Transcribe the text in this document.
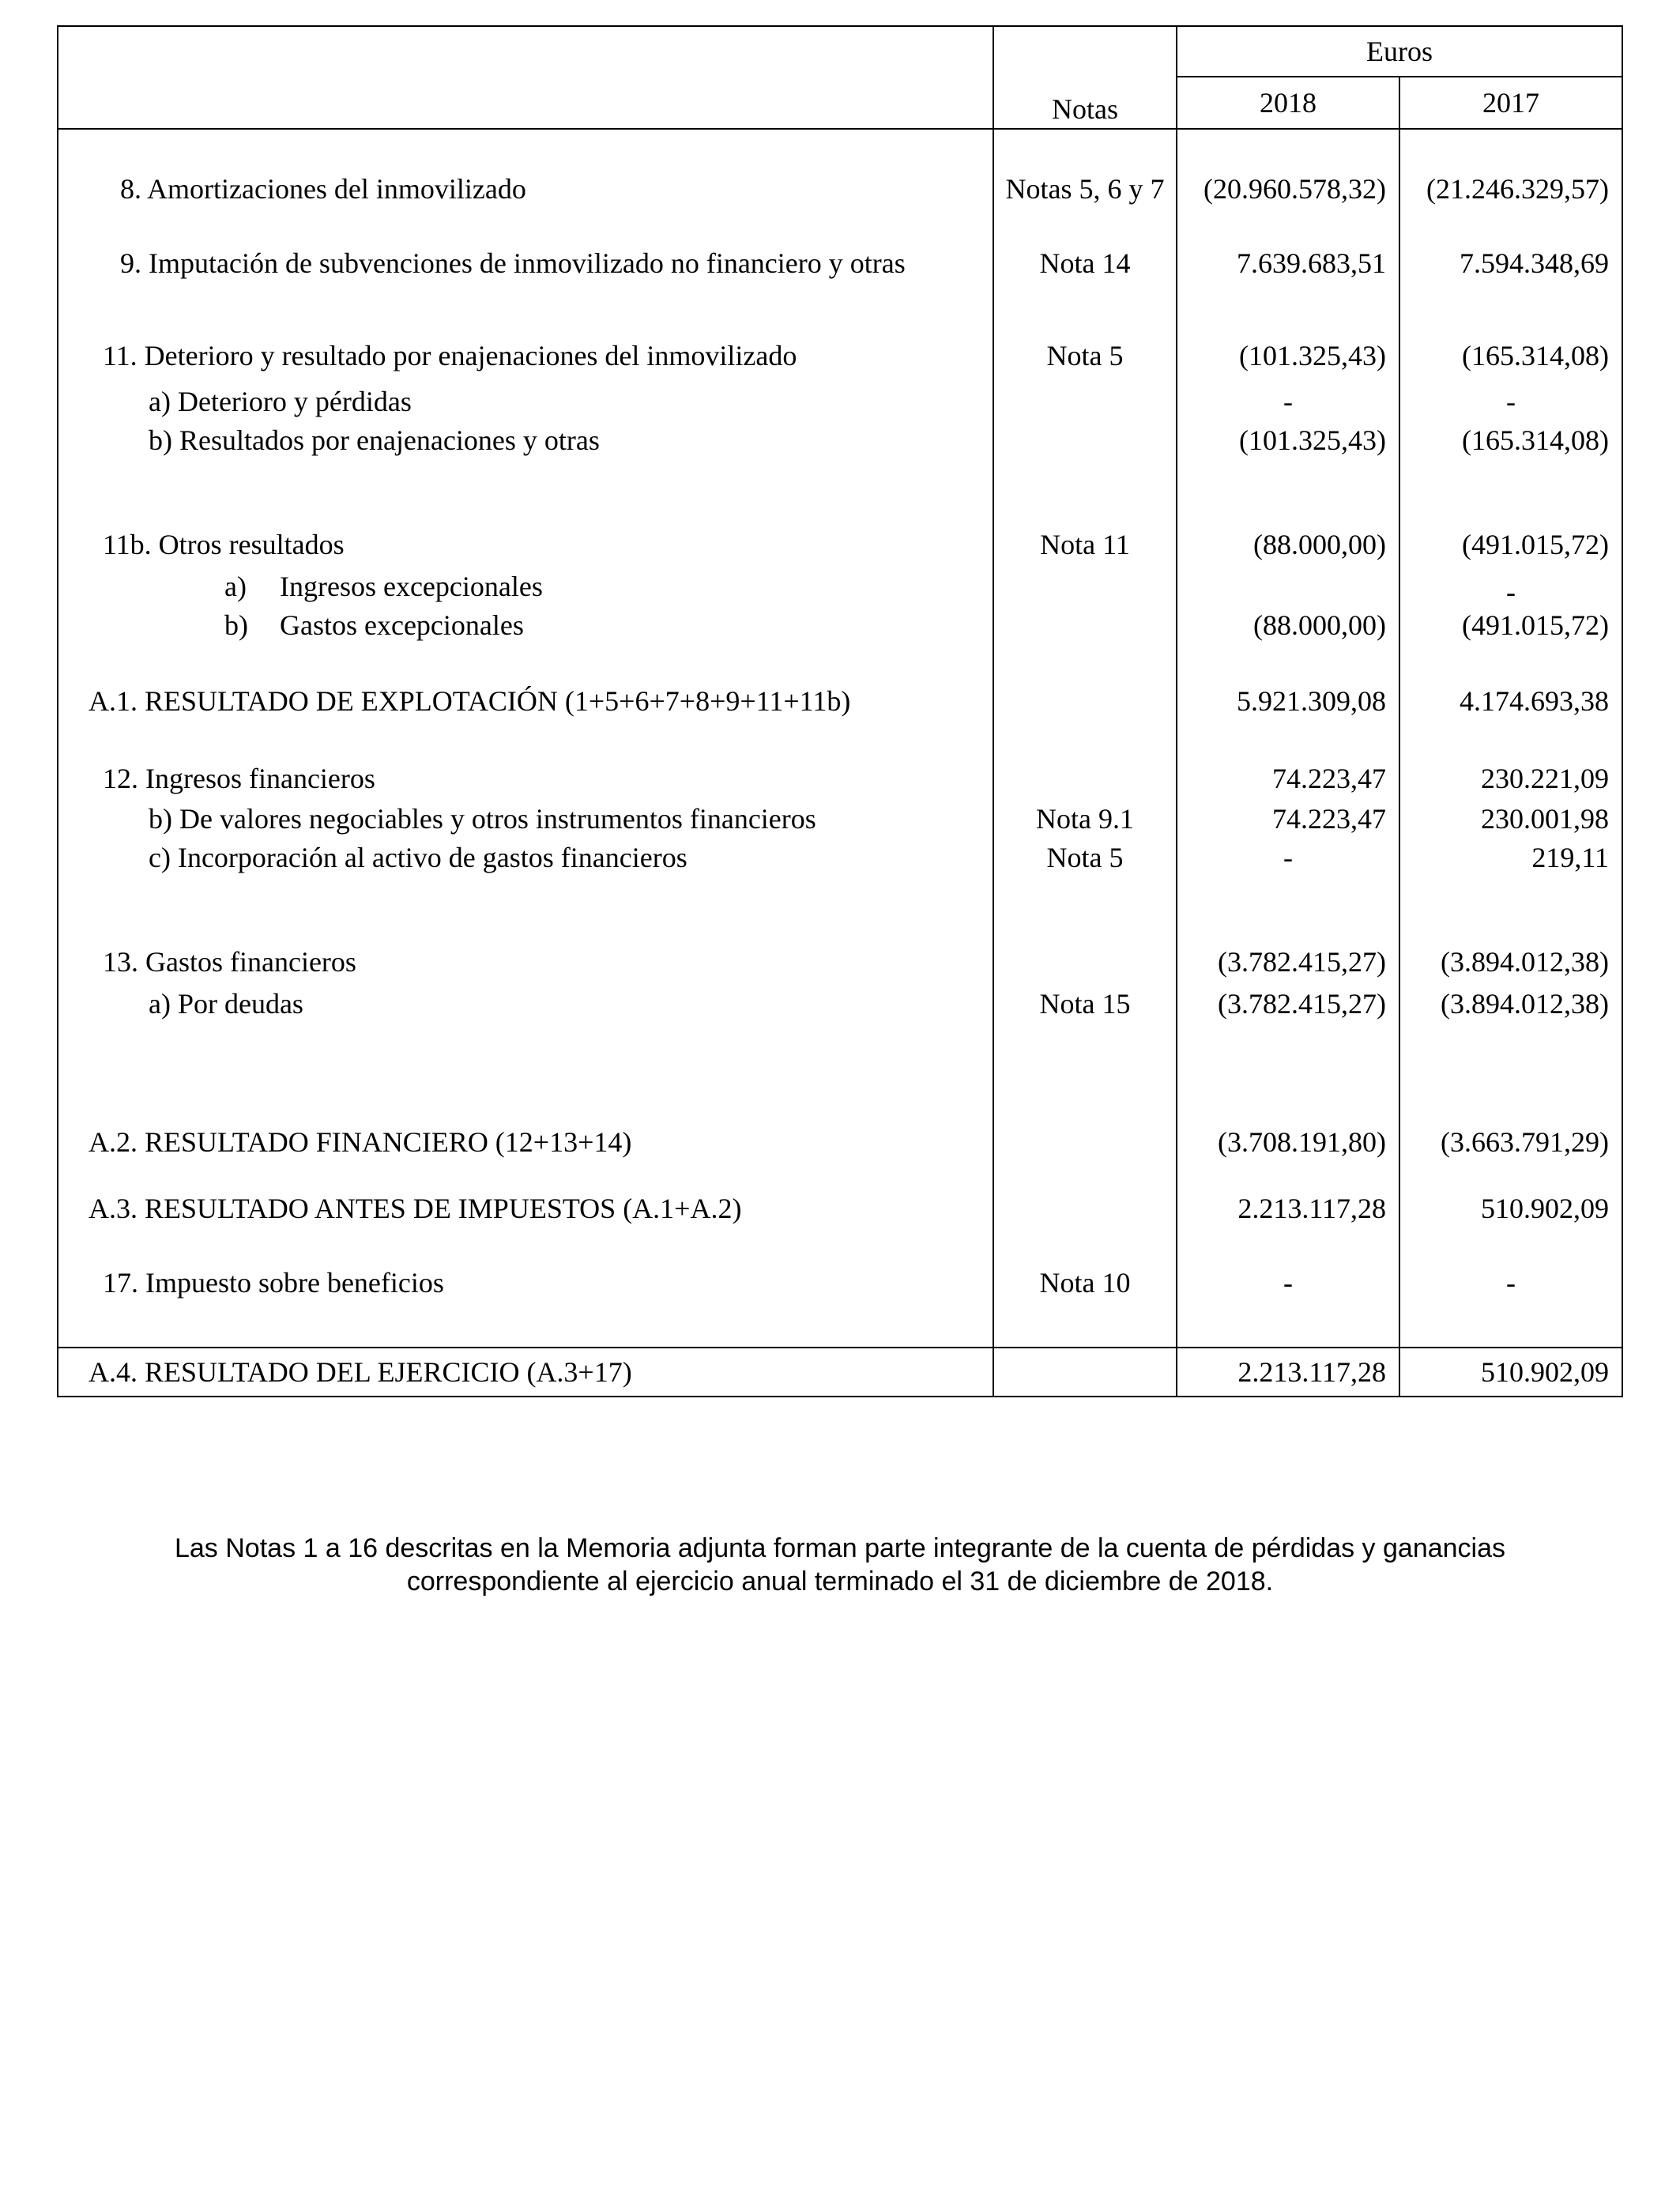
		Euros	
	Notas	2018	2017
8. Amortizaciones del inmovilizado	Notas 5, 6 y 7	(20.960.578,32)	(21.246.329,57)
9. Imputación de subvenciones de inmovilizado no financiero y otras	Nota 14	7.639.683,51	7.594.348,69
11. Deterioro y resultado por enajenaciones del inmovilizado	Nota 5	(101.325,43)	(165.314,08)
a) Deterioro y pérdidas		-	-
b) Resultados por enajenaciones y otras		(101.325,43)	(165.314,08)
11b. Otros resultados	Nota 11	(88.000,00)	(491.015,72)
a) Ingresos excepcionales			-
b) Gastos excepcionales		(88.000,00)	(491.015,72)
A.1. RESULTADO DE EXPLOTACIÓN (1+5+6+7+8+9+11+11b)		5.921.309,08	4.174.693,38
12. Ingresos financieros		74.223,47	230.221,09
b) De valores negociables y otros instrumentos financieros	Nota 9.1	74.223,47	230.001,98
c) Incorporación al activo de gastos financieros	Nota 5	-	219,11
13. Gastos financieros		(3.782.415,27)	(3.894.012,38)
a) Por deudas	Nota 15	(3.782.415,27)	(3.894.012,38)
A.2. RESULTADO FINANCIERO (12+13+14)		(3.708.191,80)	(3.663.791,29)
A.3. RESULTADO ANTES DE IMPUESTOS (A.1+A.2)		2.213.117,28	510.902,09
17. Impuesto sobre beneficios	Nota 10	-	-
A.4. RESULTADO DEL EJERCICIO (A.3+17)		2.213.117,28	510.902,09
Las Notas 1 a 16 descritas en la Memoria adjunta forman parte integrante de la cuenta de pérdidas y ganancias
correspondiente al ejercicio anual terminado el 31 de diciembre de 2018.
